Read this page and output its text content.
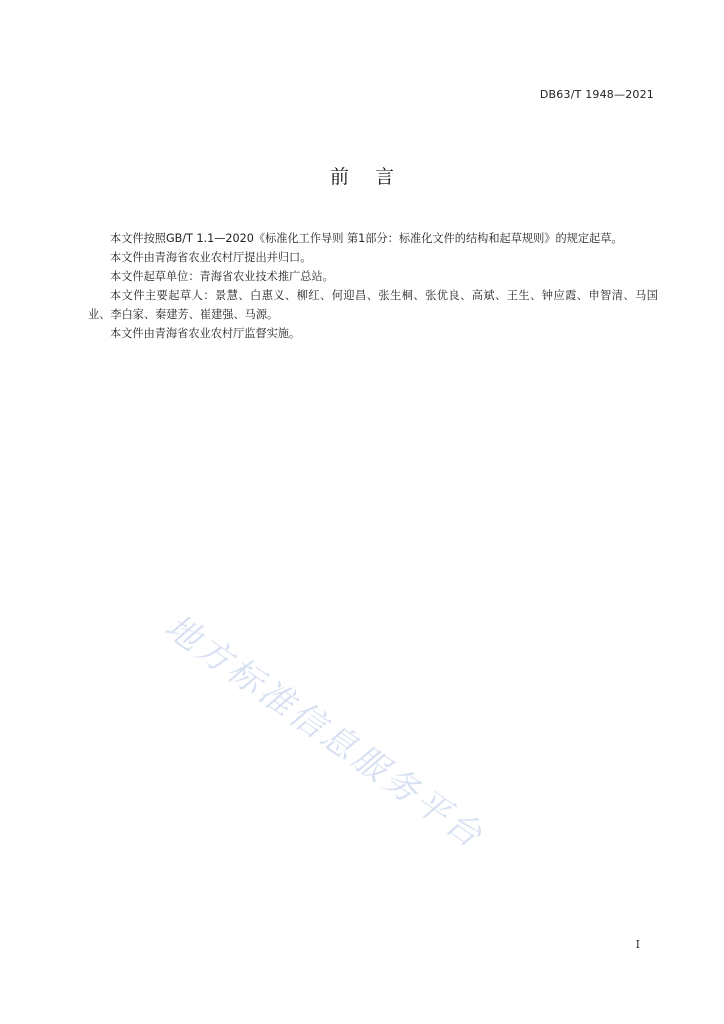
DB63/T 1948—2021
前言

本文件按照GB/T 1.1—2020《标准化工作导则 第1部分：标准化文件的结构和起草规则》的规定起草。

本文件由青海省农业农村厅提出并归口。

本文件起草单位：青海省农业技术推广总站。

本文件主要起草人：景慧、白惠义、柳红、何迎昌、张生桐、张优良、高斌、王生、钟应霞、申智清、马国业、李白家、秦建芳、崔建强、马源。

本文件由青海省农业农村厅监督实施。

地方标准信息服务平台
I
